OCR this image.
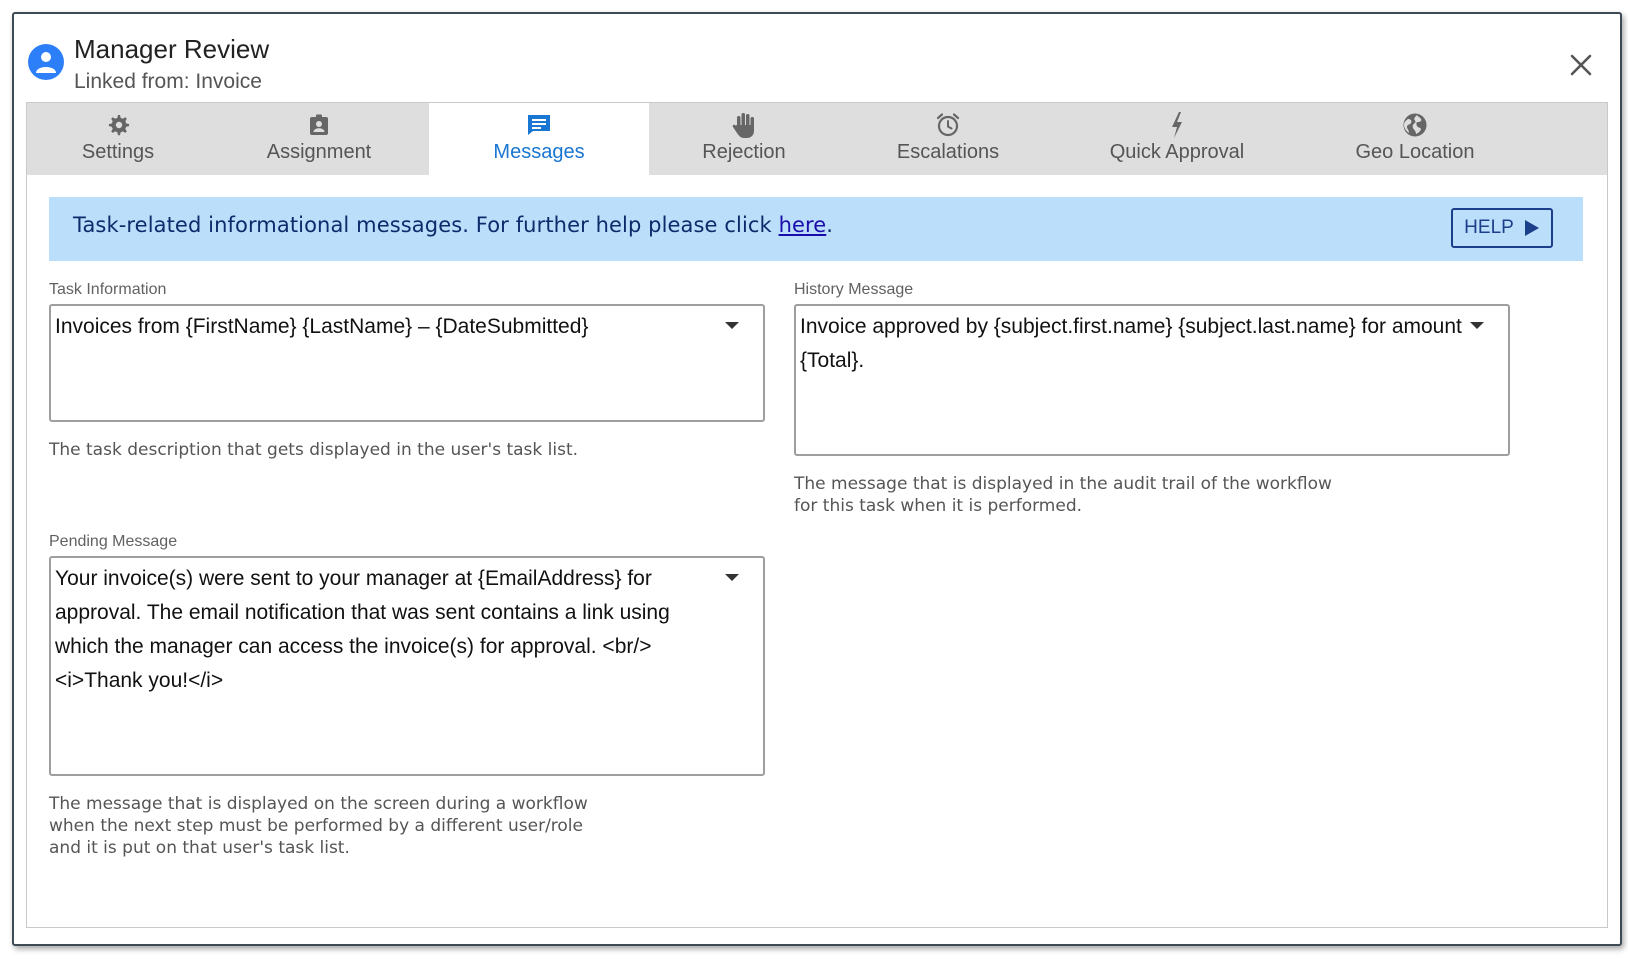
Manager Review
Linked from: Invoice
Settings	Assignment	Messages	Rejection	Escalations	Quick Approval	Geo Location
Task-related informational messages. For further help please click here.	HELP
Task Information
Invoices from {FirstName} {LastName} – {DateSubmitted}
The task description that gets displayed in the user's task list.
History Message
Invoice approved by {subject.first.name} {subject.last.name} for amount {Total}.
The message that is displayed in the audit trail of the workflow
for this task when it is performed.
Pending Message
Your invoice(s) were sent to your manager at {EmailAddress} for approval. The email notification that was sent contains a link using which the manager can access the invoice(s) for approval. <br/><i>Thank you!</i>
The message that is displayed on the screen during a workflow
when the next step must be performed by a different user/role
and it is put on that user's task list.
